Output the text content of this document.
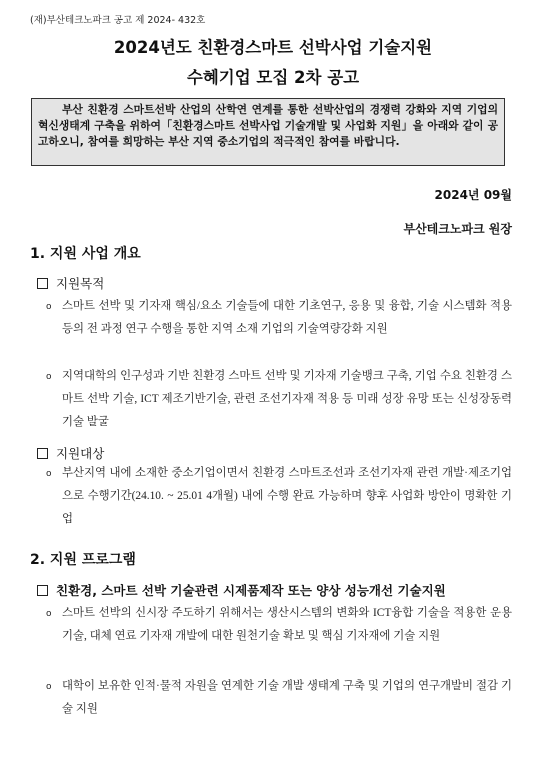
(재)부산테크노파크 공고 제 2024- 432호
2024년도 친환경스마트 선박사업 기술지원
수혜기업 모집 2차 공고
부산 친환경 스마트선박 산업의 산학연 연계를 통한 선박산업의 경쟁력 강화와 지역 기업의 혁신생태계 구축을 위하여「친환경스마트 선박사업 기술개발 및 사업화 지원」을 아래와 같이 공고하오니, 참여를 희망하는 부산 지역 중소기업의 적극적인 참여를 바랍니다.
2024년 09월
부산테크노파크 원장
1. 지원 사업 개요
지원목적
o 스마트 선박 및 기자재 핵심/요소 기술들에 대한 기초연구, 응용 및 융합, 기술 시스템화 적용 등의 전 과정 연구 수행을 통한 지역 소재 기업의 기술역량강화 지원
o 지역대학의 인구성과 기반 친환경 스마트 선박 및 기자재 기술뱅크 구축, 기업 수요 친환경 스마트 선박 기술, ICT 제조기반기술, 관련 조선기자재 적용 등 미래 성장 유망 또는 신성장동력 기술 발굴
지원대상
o 부산지역 내에 소재한 중소기업이면서 친환경 스마트조선과 조선기자재 관련 개발·제조기업으로 수행기간(24.10. ~ 25.01 4개월) 내에 수행 완료 가능하며 향후 사업화 방안이 명확한 기업
2. 지원 프로그램
친환경, 스마트 선박 기술관련 시제품제작 또는 양상 성능개선 기술지원
o 스마트 선박의 신시장 주도하기 위해서는 생산시스템의 변화와 ICT융합 기술을 적용한 운용 기술, 대체 연료 기자재 개발에 대한 원천기술 확보 및 핵심 기자재에 기술 지원
o 대학이 보유한 인적·물적 자원을 연계한 기술 개발 생태계 구축 및 기업의 연구개발비 절감 기술 지원
